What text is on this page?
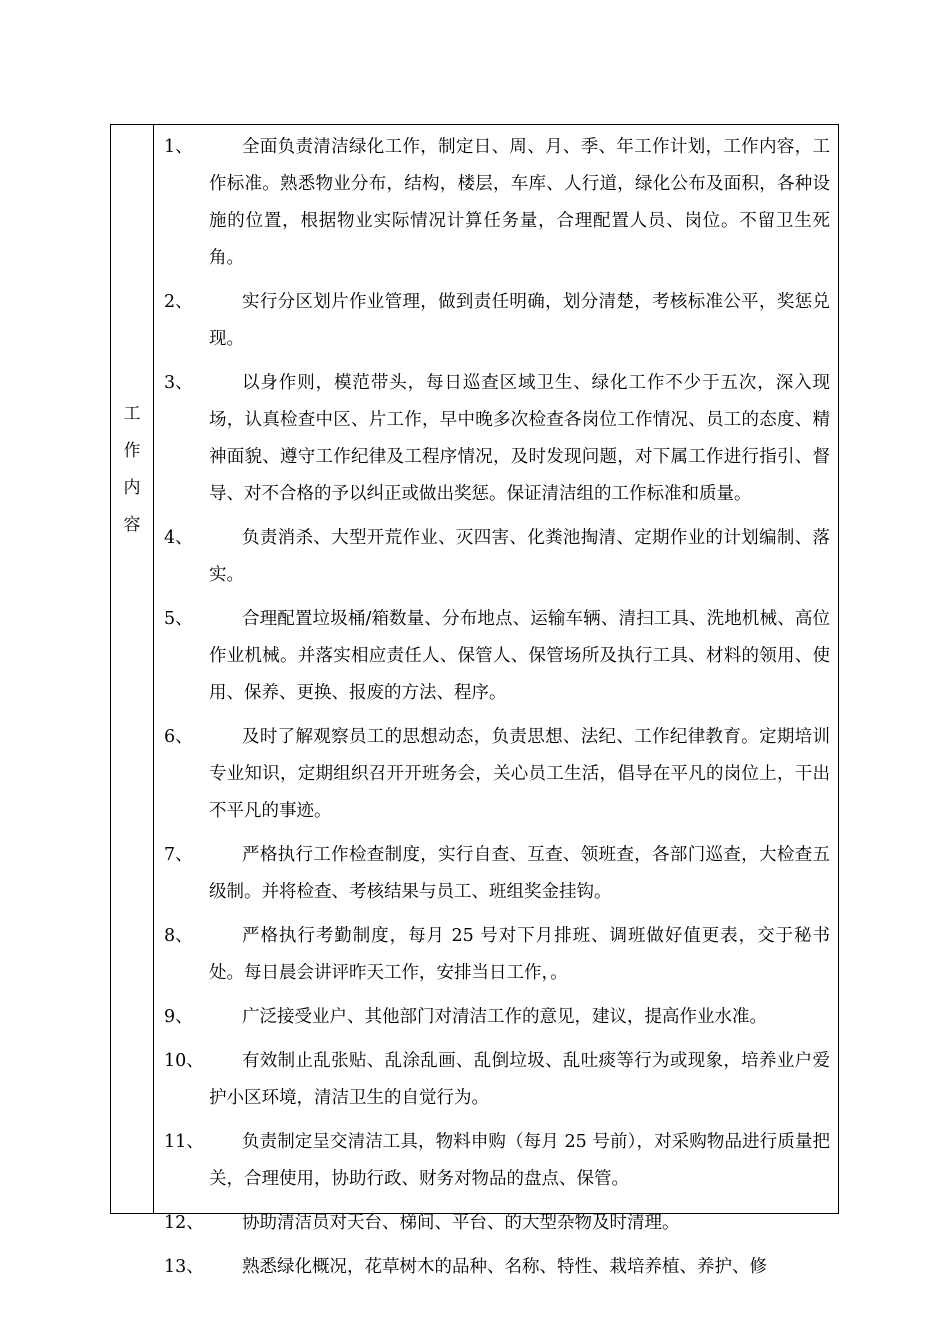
工
作
内
容
1、	全面负责清洁绿化工作，制定日、周、月、季、年工作计划，工作内容，工作标准。熟悉物业分布，结构，楼层，车库、人行道，绿化公布及面积，各种设施的位置，根据物业实际情况计算任务量，合理配置人员、岗位。不留卫生死角。
2、	实行分区划片作业管理，做到责任明确，划分清楚，考核标准公平，奖惩兑现。
3、	以身作则，模范带头，每日巡查区域卫生、绿化工作不少于五次，深入现场，认真检查中区、片工作，早中晚多次检查各岗位工作情况、员工的态度、精神面貌、遵守工作纪律及工程序情况，及时发现问题，对下属工作进行指引、督导、对不合格的予以纠正或做出奖惩。保证清洁组的工作标准和质量。
4、	负责消杀、大型开荒作业、灭四害、化粪池掏清、定期作业的计划编制、落实。
5、	合理配置垃圾桶/箱数量、分布地点、运输车辆、清扫工具、洗地机械、高位作业机械。并落实相应责任人、保管人、保管场所及执行工具、材料的领用、使用、保养、更换、报废的方法、程序。
6、	及时了解观察员工的思想动态，负责思想、法纪、工作纪律教育。定期培训专业知识，定期组织召开开班务会，关心员工生活，倡导在平凡的岗位上，干出不平凡的事迹。
7、	严格执行工作检查制度，实行自查、互查、领班查，各部门巡查，大检查五级制。并将检查、考核结果与员工、班组奖金挂钩。
8、	严格执行考勤制度，每月 25 号对下月排班、调班做好值更表，交于秘书处。每日晨会讲评昨天工作，安排当日工作，。
9、	广泛接受业户、其他部门对清洁工作的意见，建议，提高作业水准。
10、	有效制止乱张贴、乱涂乱画、乱倒垃圾、乱吐痰等行为或现象，培养业户爱护小区环境，清洁卫生的自觉行为。
11、	负责制定呈交清洁工具，物料申购（每月 25 号前），对采购物品进行质量把关，合理使用，协助行政、财务对物品的盘点、保管。
12、	协助清洁员对天台、梯间、平台、的大型杂物及时清理。
13、	熟悉绿化概况，花草树木的品种、名称、特性、栽培养植、养护、修
